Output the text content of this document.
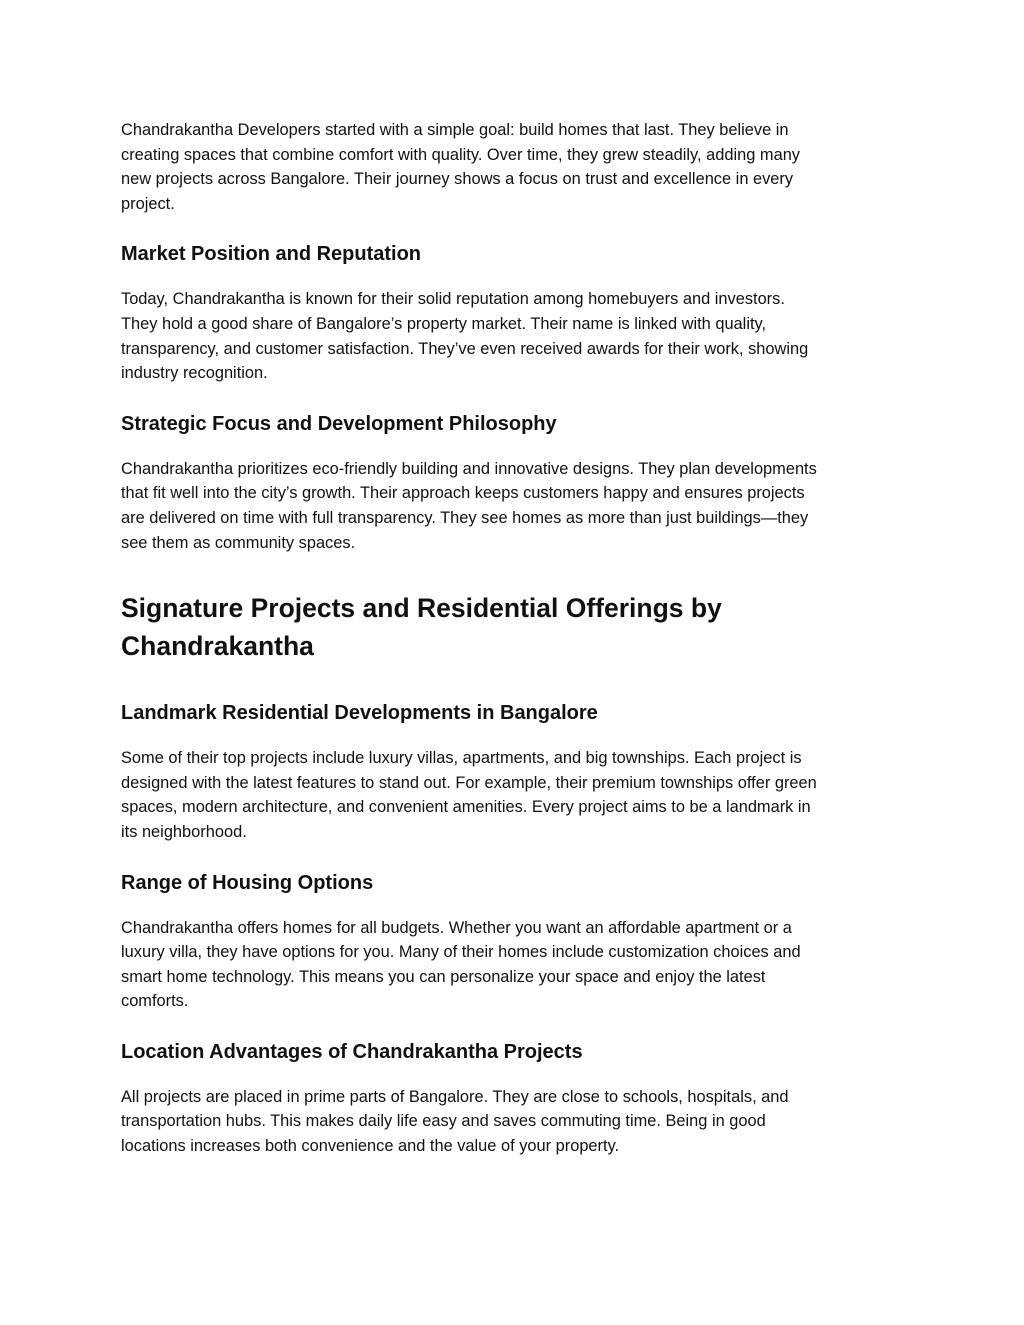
Chandrakantha Developers started with a simple goal: build homes that last. They believe in
creating spaces that combine comfort with quality. Over time, they grew steadily, adding many
new projects across Bangalore. Their journey shows a focus on trust and excellence in every
project.

Market Position and Reputation

Today, Chandrakantha is known for their solid reputation among homebuyers and investors.
They hold a good share of Bangalore’s property market. Their name is linked with quality,
transparency, and customer satisfaction. They’ve even received awards for their work, showing
industry recognition.

Strategic Focus and Development Philosophy

Chandrakantha prioritizes eco-friendly building and innovative designs. They plan developments
that fit well into the city’s growth. Their approach keeps customers happy and ensures projects
are delivered on time with full transparency. They see homes as more than just buildings—they
see them as community spaces.

Signature Projects and Residential Offerings by
Chandrakantha
Landmark Residential Developments in Bangalore

Some of their top projects include luxury villas, apartments, and big townships. Each project is
designed with the latest features to stand out. For example, their premium townships offer green
spaces, modern architecture, and convenient amenities. Every project aims to be a landmark in
its neighborhood.

Range of Housing Options

Chandrakantha offers homes for all budgets. Whether you want an affordable apartment or a
luxury villa, they have options for you. Many of their homes include customization choices and
smart home technology. This means you can personalize your space and enjoy the latest
comforts.

Location Advantages of Chandrakantha Projects

All projects are placed in prime parts of Bangalore. They are close to schools, hospitals, and
transportation hubs. This makes daily life easy and saves commuting time. Being in good
locations increases both convenience and the value of your property.
